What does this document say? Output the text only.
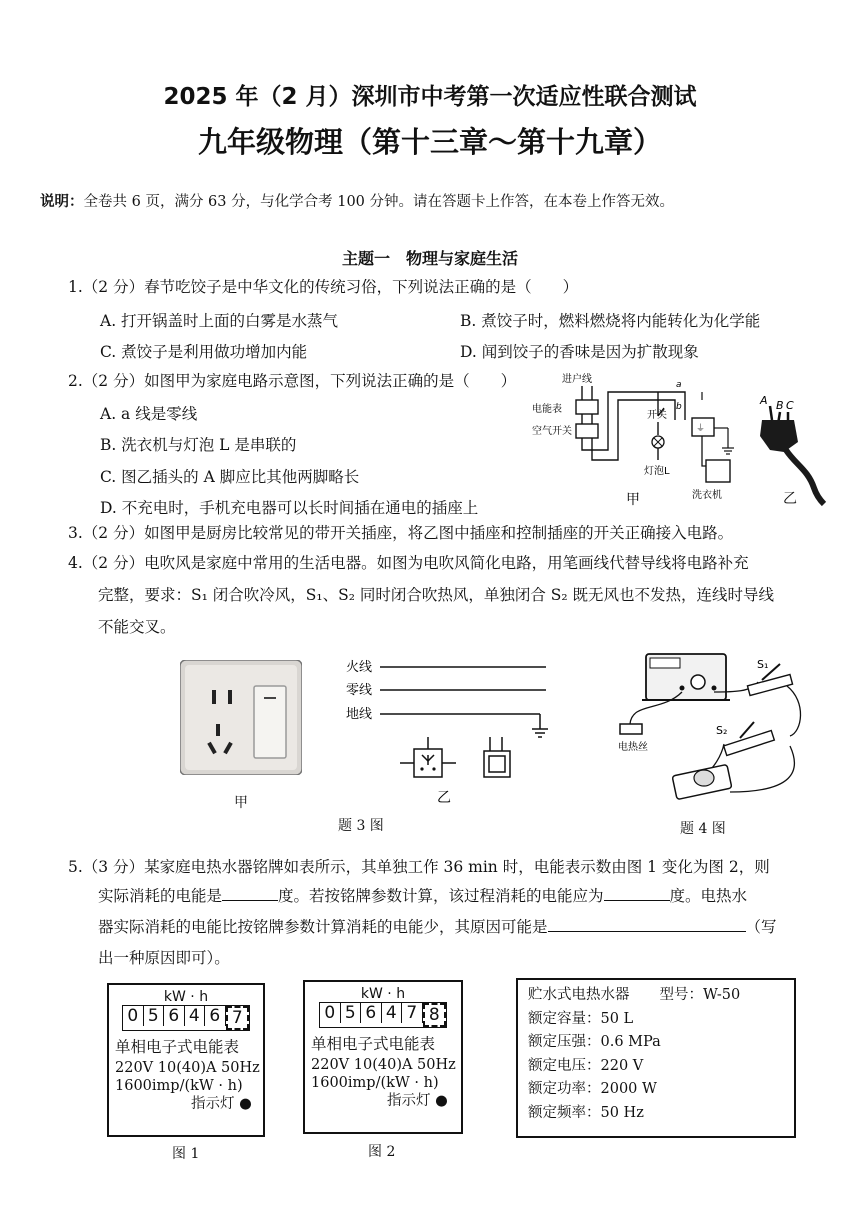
2025 年（2 月）深圳市中考第一次适应性联合测试
九年级物理（第十三章～第十九章）
说明：全卷共 6 页，满分 63 分，与化学合考 100 分钟。请在答题卡上作答，在本卷上作答无效。
主题一　物理与家庭生活
1.（2 分）春节吃饺子是中华文化的传统习俗，下列说法正确的是（　　）
A. 打开锅盖时上面的白雾是水蒸气	B. 煮饺子时，燃料燃烧将内能转化为化学能
C. 煮饺子是利用做功增加内能	D. 闻到饺子的香味是因为扩散现象
2.（2 分）如图甲为家庭电路示意图，下列说法正确的是（　　）
A. a 线是零线
B. 洗衣机与灯泡 L 是串联的
C. 图乙插头的 A 脚应比其他两脚略长
D. 不充电时，手机充电器可以长时间插在通电的插座上
进户线
电能表
空气开关
a
b
开关
灯泡L
⏚
洗衣机
甲
A B C
乙
3.（2 分）如图甲是厨房比较常见的带开关插座，将乙图中插座和控制插座的开关正确接入电路。
4.（2 分）电吹风是家庭中常用的生活电器。如图为电吹风简化电路，用笔画线代替导线将电路补充
完整，要求：S₁ 闭合吹冷风，S₁、S₂ 同时闭合吹热风，单独闭合 S₂ 既无风也不发热，连线时导线
不能交叉。
甲
火线
零线
地线
乙
题 3 图
电热丝
S₁
S₂
题 4 图
5.（3 分）某家庭电热水器铭牌如表所示，其单独工作 36 min 时，电能表示数由图 1 变化为图 2，则
实际消耗的电能是	度。若按铭牌参数计算，该过程消耗的电能应为	度。电热水
器实际消耗的电能比按铭牌参数计算消耗的电能少，其原因可能是	（写
出一种原因即可）。
kW · h
0 5 6 4 6 7
单相电子式电能表
220V 10(40)A 50Hz
1600imp/(kW · h)
指示灯 ●
图 1
kW · h
0 5 6 4 7 8
单相电子式电能表
220V 10(40)A 50Hz
1600imp/(kW · h)
指示灯 ●
图 2
贮水式电热水器 型号：W-50
额定容量：50 L
额定压强：0.6 MPa
额定电压：220 V
额定功率：2000 W
额定频率：50 Hz
